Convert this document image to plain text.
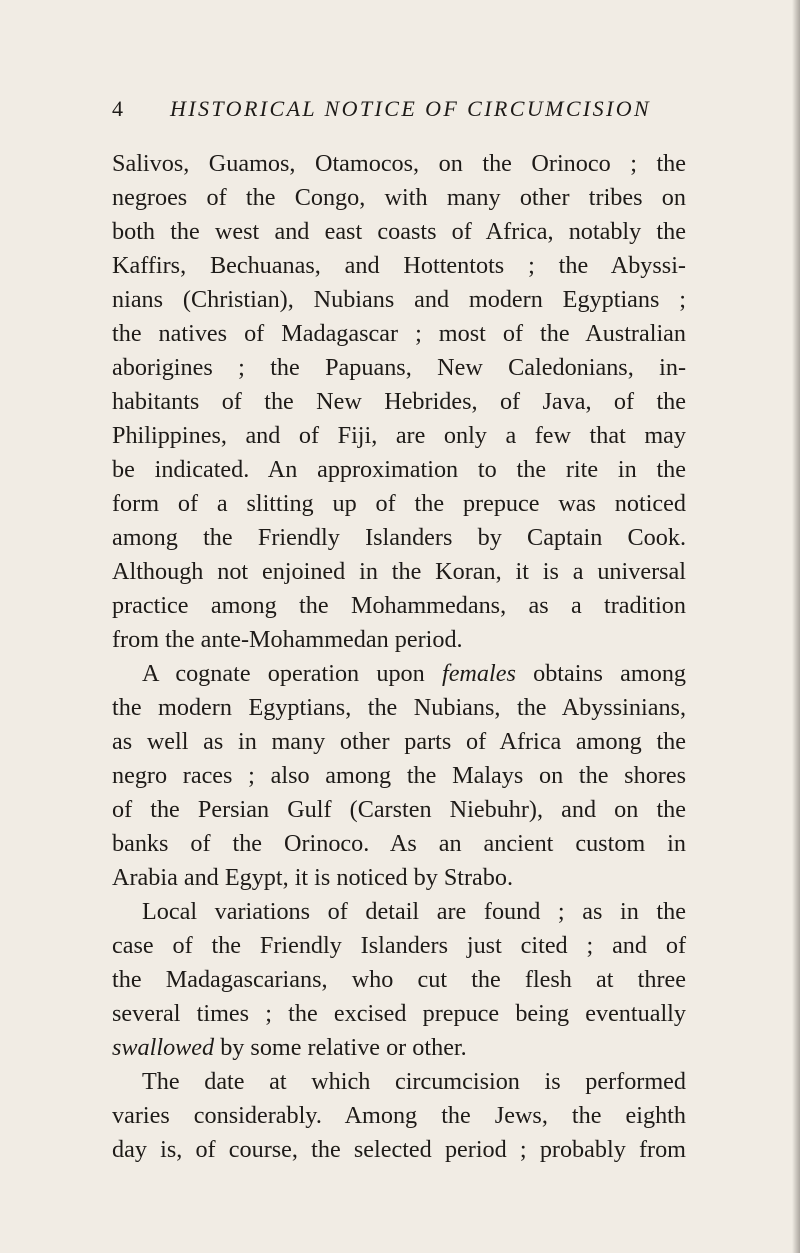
4 HISTORICAL NOTICE OF CIRCUMCISION
Salivos, Guamos, Otamocos, on the Orinoco ; the
negroes of the Congo, with many other tribes on
both the west and east coasts of Africa, notably the
Kaffirs, Bechuanas, and Hottentots ; the Abyssi-
nians (Christian), Nubians and modern Egyptians ;
the natives of Madagascar ; most of the Australian
aborigines ; the Papuans, New Caledonians, in-
habitants of the New Hebrides, of Java, of the
Philippines, and of Fiji, are only a few that may
be indicated. An approximation to the rite in the
form of a slitting up of the prepuce was noticed
among the Friendly Islanders by Captain Cook.
Although not enjoined in the Koran, it is a universal
practice among the Mohammedans, as a tradition
from the ante-Mohammedan period.
A cognate operation upon females obtains among
the modern Egyptians, the Nubians, the Abyssinians,
as well as in many other parts of Africa among the
negro races ; also among the Malays on the shores
of the Persian Gulf (Carsten Niebuhr), and on the
banks of the Orinoco. As an ancient custom in
Arabia and Egypt, it is noticed by Strabo.
Local variations of detail are found ; as in the
case of the Friendly Islanders just cited ; and of
the Madagascarians, who cut the flesh at three
several times ; the excised prepuce being eventually
swallowed by some relative or other.
The date at which circumcision is performed
varies considerably. Among the Jews, the eighth
day is, of course, the selected period ; probably from
